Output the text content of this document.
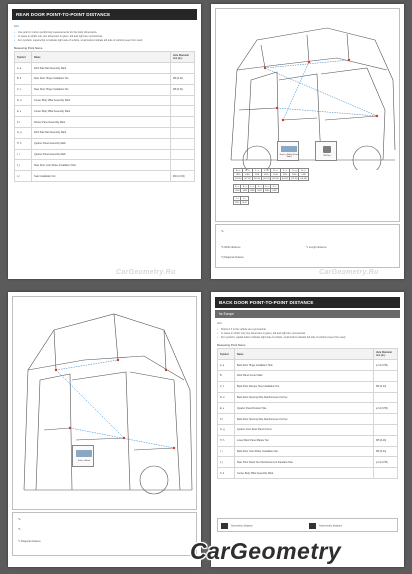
REAR DOOR POINT-TO-POINT DISTANCE
Hint
• Use point 2.1 when performing measurements for the body dimensions.
• In cases in which only one dimension is given, left and right are symmetrical.
• For symbols, superscript is indicate right side of vehicle, small letters indicate left side of vehicle (seen from rear).
Measuring Point Name
Symbol	Name	Hole Diameter mm (in.)
A, a	Roof Side Rail Assembly Mark	
B, b	Rear Door Hinge Installation Nut	M8 (0.31)
C, c	Rear Door Hinge Installation Nut	M8 (0.31)
D, d	Center Body Pillar Assembly Mark	
E, e	Center Body Pillar Assembly Mark	
F, f	Rocker Panel Assembly Mark	
G, g	Roof Side Rail Assembly Mark	
H, h	Quarter Panel Assembly Mark	
I, i	Quarter Panel Assembly Mark	
J, j	Rear Door Lock Striker Installation Hole	
L, l	Seat Installation Nut	M10 (0.39)
CarGeometry.Ru
Such a Mark (Front Side)	M8 Nut
A - a	B - b	C - c	D - d	E - e	F - f	G - g	H - h
1345	1461	1518	1420	1510	1574	1340	1435
(52.95)	(57.52)	(59.76)	(55.91)	(59.45)	(61.97)	(52.76)	(56.50)
B - c	B - f	C - e	D - i	E - j	F - l
1095	1408	1388	1567	1480	1402
J - l	L - j
1152	1147
*a
*b Width distance	*c Length distance
*d Diagonal distance
CarGeometry.Ru
Such a Mark
*a
*b
*c Diagonal distance
BACK DOOR POINT-TO-POINT DISTANCE
for Europe
Hint
• Points 2.1 in the vehicle are symmetrical.
• In cases in which only one dimension is given, left and right are symmetrical.
• For symbols, capital letters indicate right side of vehicle, small letters indicate left side of vehicle (seen from rear).
Measuring Point Name
Symbol	Name	Hole Diameter mm (in.)
A, a	Back Door Hinge Installation Hole	φ 14 (0.55)
B	Roof Panel Center Mark	
C, c	Back Door Damper Stay Installation Nut	M6 (0.24)
D, d	Back Door Opening Side Reinforcement Corner	
E, e	Quarter Panel Division Hole	φ 14 (0.55)
F, f	Back Door Opening Side Reinforcement Corner	
G, g	Quarter Inner Rear Panel Corner	
H, h	Lower Back Panel Marker Nut	M5 (0.20)
I, i	Back Door Lock Striker Installation Nut	M6 (0.24)
J, j	Rear Floor Panel No.2 Reinforcement Standard Hole	φ 14 (0.55)
K, k	Center Body Pillar Assembly Mark	
Symmetric distance	Asymmetric distance
CarGeometry
